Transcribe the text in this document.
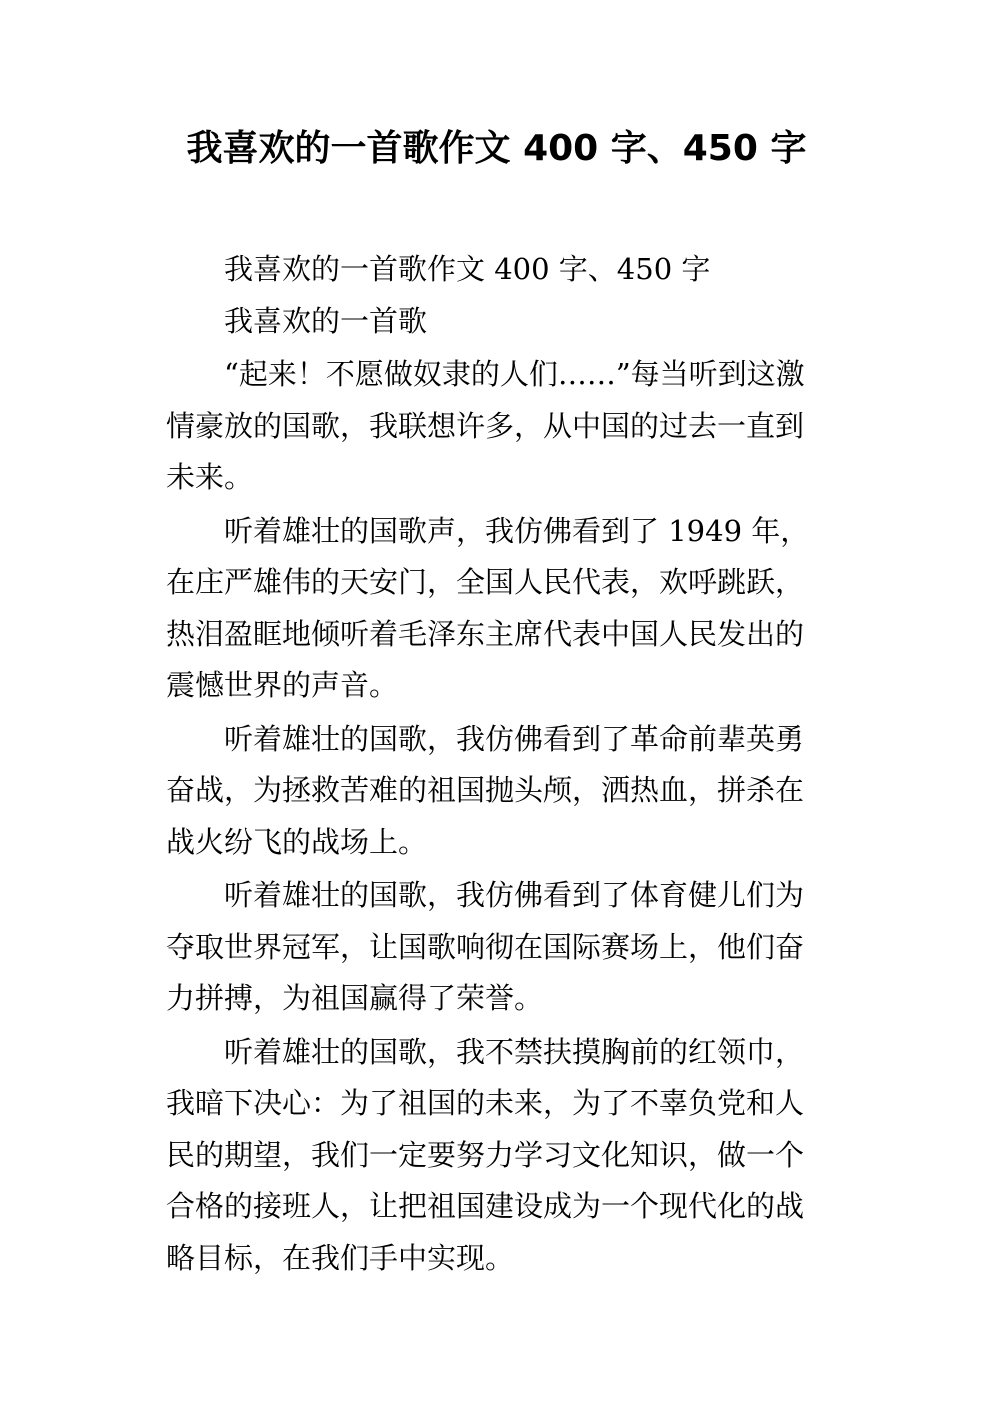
我喜欢的一首歌作文 400 字、450 字

我喜欢的一首歌作文 400 字、450 字

我喜欢的一首歌

“起来！不愿做奴隶的人们……”每当听到这激情豪放的国歌，我联想许多，从中国的过去一直到未来。

听着雄壮的国歌声，我仿佛看到了 1949 年，在庄严雄伟的天安门，全国人民代表，欢呼跳跃，热泪盈眶地倾听着毛泽东主席代表中国人民发出的震憾世界的声音。

听着雄壮的国歌，我仿佛看到了革命前辈英勇奋战，为拯救苦难的祖国抛头颅，洒热血，拼杀在战火纷飞的战场上。

听着雄壮的国歌，我仿佛看到了体育健儿们为夺取世界冠军，让国歌响彻在国际赛场上，他们奋力拼搏，为祖国赢得了荣誉。

听着雄壮的国歌，我不禁扶摸胸前的红领巾，我暗下决心：为了祖国的未来，为了不辜负党和人民的期望，我们一定要努力学习文化知识，做一个合格的接班人，让把祖国建设成为一个现代化的战略目标，在我们手中实现。
